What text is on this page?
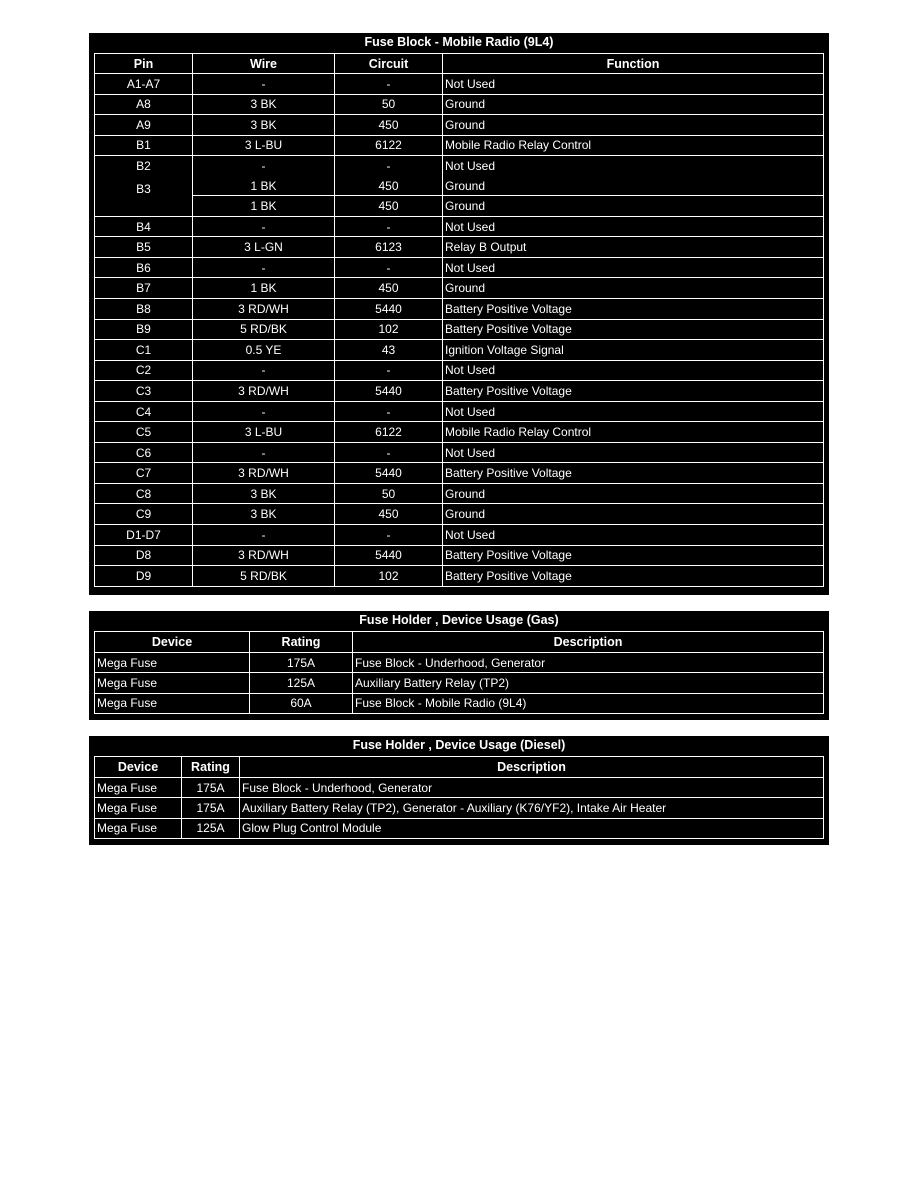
Fuse Block - Mobile Radio (9L4)
Pin	Wire	Circuit	Function
A1-A7	-	-	Not Used
A8	3 BK	50	Ground
A9	3 BK	450	Ground
B1	3 L-BU	6122	Mobile Radio Relay Control
B2	-	-	Not Used
B3	1 BK	450	Ground
	1 BK	450	Ground
B4	-	-	Not Used
B5	3 L-GN	6123	Relay B Output
B6	-	-	Not Used
B7	1 BK	450	Ground
B8	3 RD/WH	5440	Battery Positive Voltage
B9	5 RD/BK	102	Battery Positive Voltage
C1	0.5 YE	43	Ignition Voltage Signal
C2	-	-	Not Used
C3	3 RD/WH	5440	Battery Positive Voltage
C4	-	-	Not Used
C5	3 L-BU	6122	Mobile Radio Relay Control
C6	-	-	Not Used
C7	3 RD/WH	5440	Battery Positive Voltage
C8	3 BK	50	Ground
C9	3 BK	450	Ground
D1-D7	-	-	Not Used
D8	3 RD/WH	5440	Battery Positive Voltage
D9	5 RD/BK	102	Battery Positive Voltage
Fuse Holder , Device Usage (Gas)
Device	Rating	Description
Mega Fuse	175A	Fuse Block - Underhood, Generator
Mega Fuse	125A	Auxiliary Battery Relay (TP2)
Mega Fuse	60A	Fuse Block - Mobile Radio (9L4)
Fuse Holder , Device Usage (Diesel)
Device	Rating	Description
Mega Fuse	175A	Fuse Block - Underhood, Generator
Mega Fuse	175A	Auxiliary Battery Relay (TP2), Generator - Auxiliary (K76/YF2), Intake Air Heater
Mega Fuse	125A	Glow Plug Control Module
